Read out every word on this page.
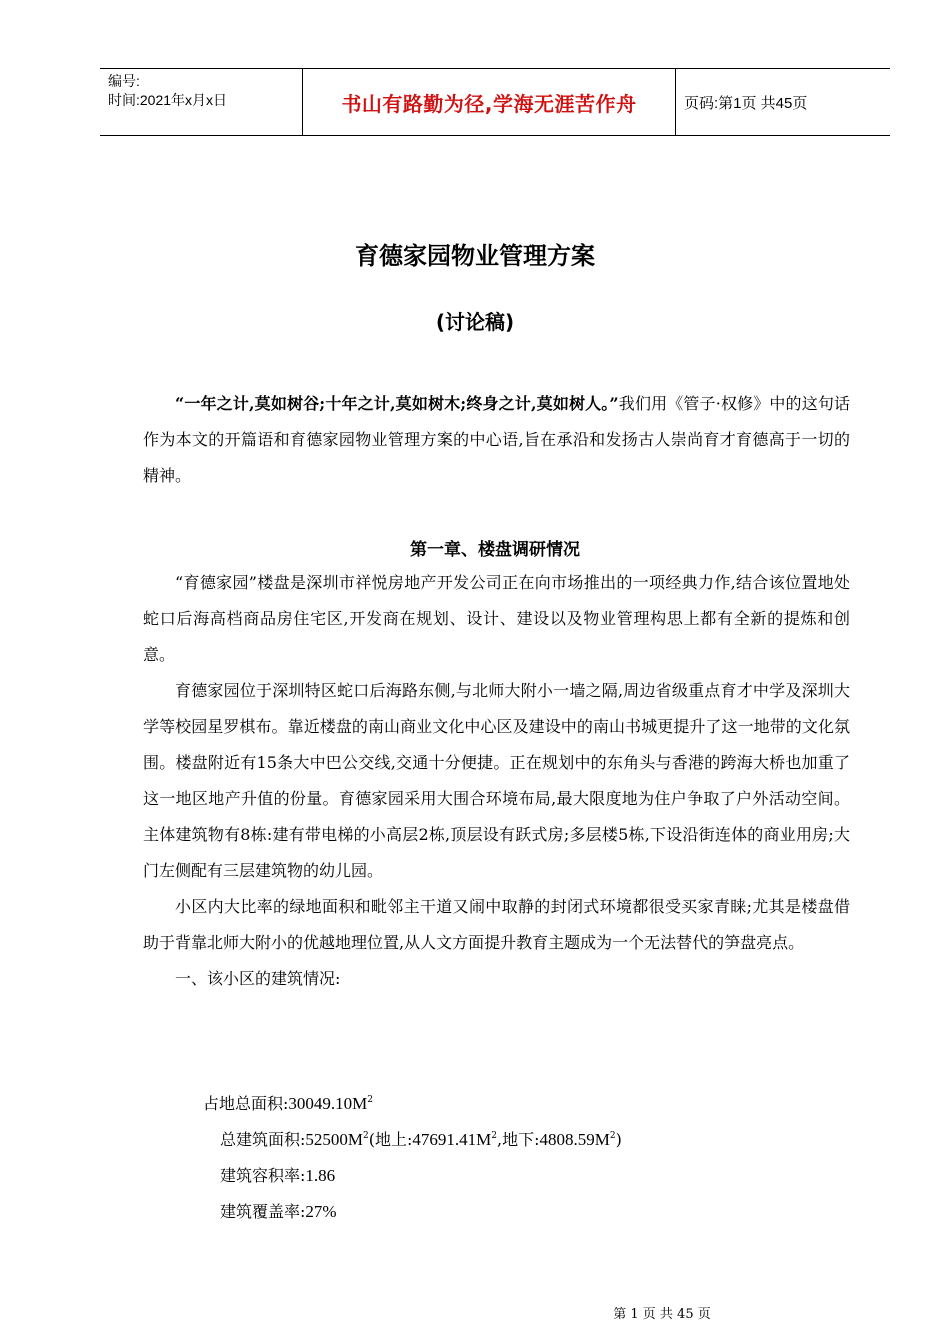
编号:
时间:2021年x月x日	书山有路勤为径,学海无涯苦作舟	页码:第1页 共45页
育德家园物业管理方案
(讨论稿)

“一年之计,莫如树谷;十年之计,莫如树木;终身之计,莫如树人。”我们用《管子·权修》中的这句话作为本文的开篇语和育德家园物业管理方案的中心语,旨在承沿和发扬古人崇尚育才育德高于一切的精神。

第一章、楼盘调研情况

“育德家园”楼盘是深圳市祥悦房地产开发公司正在向市场推出的一项经典力作,结合该位置地处蛇口后海高档商品房住宅区,开发商在规划、设计、建设以及物业管理构思上都有全新的提炼和创意。

育德家园位于深圳特区蛇口后海路东侧,与北师大附小一墙之隔,周边省级重点育才中学及深圳大学等校园星罗棋布。靠近楼盘的南山商业文化中心区及建设中的南山书城更提升了这一地带的文化氛围。楼盘附近有15条大中巴公交线,交通十分便捷。正在规划中的东角头与香港的跨海大桥也加重了这一地区地产升值的份量。育德家园采用大围合环境布局,最大限度地为住户争取了户外活动空间。主体建筑物有8栋:建有带电梯的小高层2栋,顶层设有跃式房;多层楼5栋,下设沿街连体的商业用房;大门左侧配有三层建筑物的幼儿园。

小区内大比率的绿地面积和毗邻主干道又闹中取静的封闭式环境都很受买家青睐;尤其是楼盘借助于背靠北师大附小的优越地理位置,从人文方面提升教育主题成为一个无法替代的笋盘亮点。

一、该小区的建筑情况:

占地总面积$:30049.10M^2$
总建筑面积$:52500M^2$(地上$:47691.41M^2$,地下$:4808.59M^2$)
建筑容积率:1.86
建筑覆盖率:27%
第 1 页 共 45 页
